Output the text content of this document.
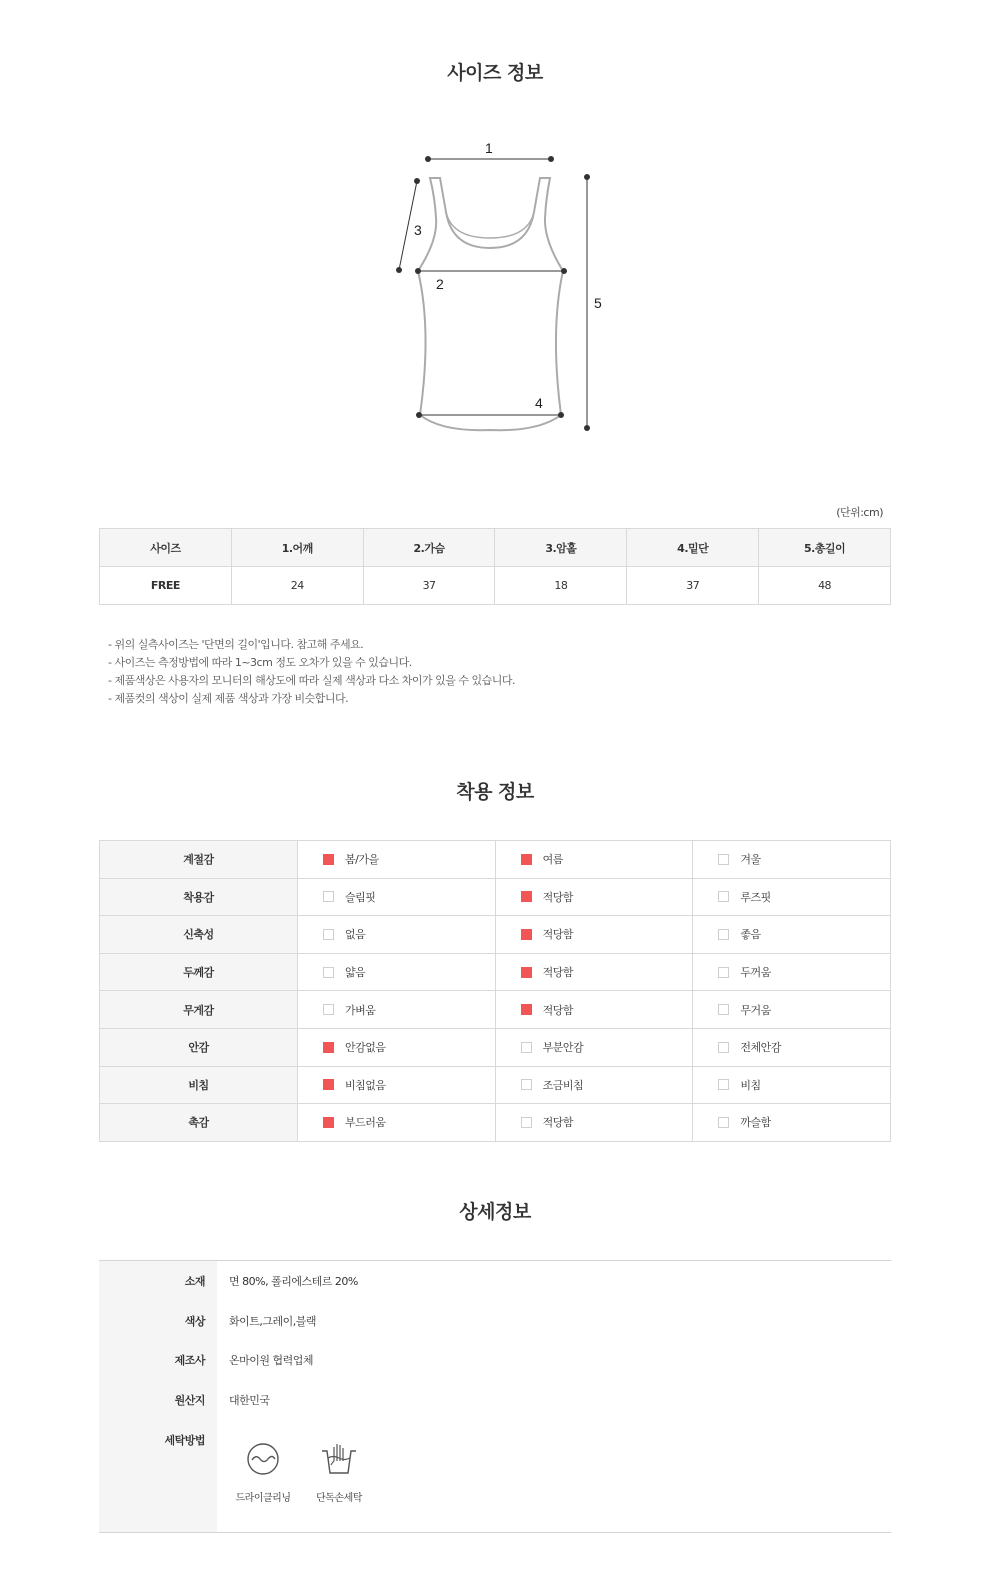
사이즈 정보
1
2
3
4
5
(단위:cm)
사이즈	1.어깨	2.가슴	3.암홀	4.밑단	5.총길이
FREE	24	37	18	37	48
- 위의 실측사이즈는 '단면의 길이'입니다. 참고해 주세요.
- 사이즈는 측정방법에 따라 1~3cm 정도 오차가 있을 수 있습니다.
- 제품색상은 사용자의 모니터의 해상도에 따라 실제 색상과 다소 차이가 있을 수 있습니다.
- 제품컷의 색상이 실제 제품 색상과 가장 비슷합니다.
착용 정보
계절감	봄/가을	여름	겨울
착용감	슬림핏	적당함	루즈핏
신축성	없음	적당함	좋음
두께감	얇음	적당함	두꺼움
무게감	가벼움	적당함	무거움
안감	안감없음	부분안감	전체안감
비침	비침없음	조금비침	비침
촉감	부드러움	적당함	까슬함
상세정보
소재 면 80%, 폴리에스테르 20%
색상 화이트,그레이,블랙
제조사 온마이원 협력업체
원산지 대한민국
세탁방법
드라이클리닝	단독손세탁
